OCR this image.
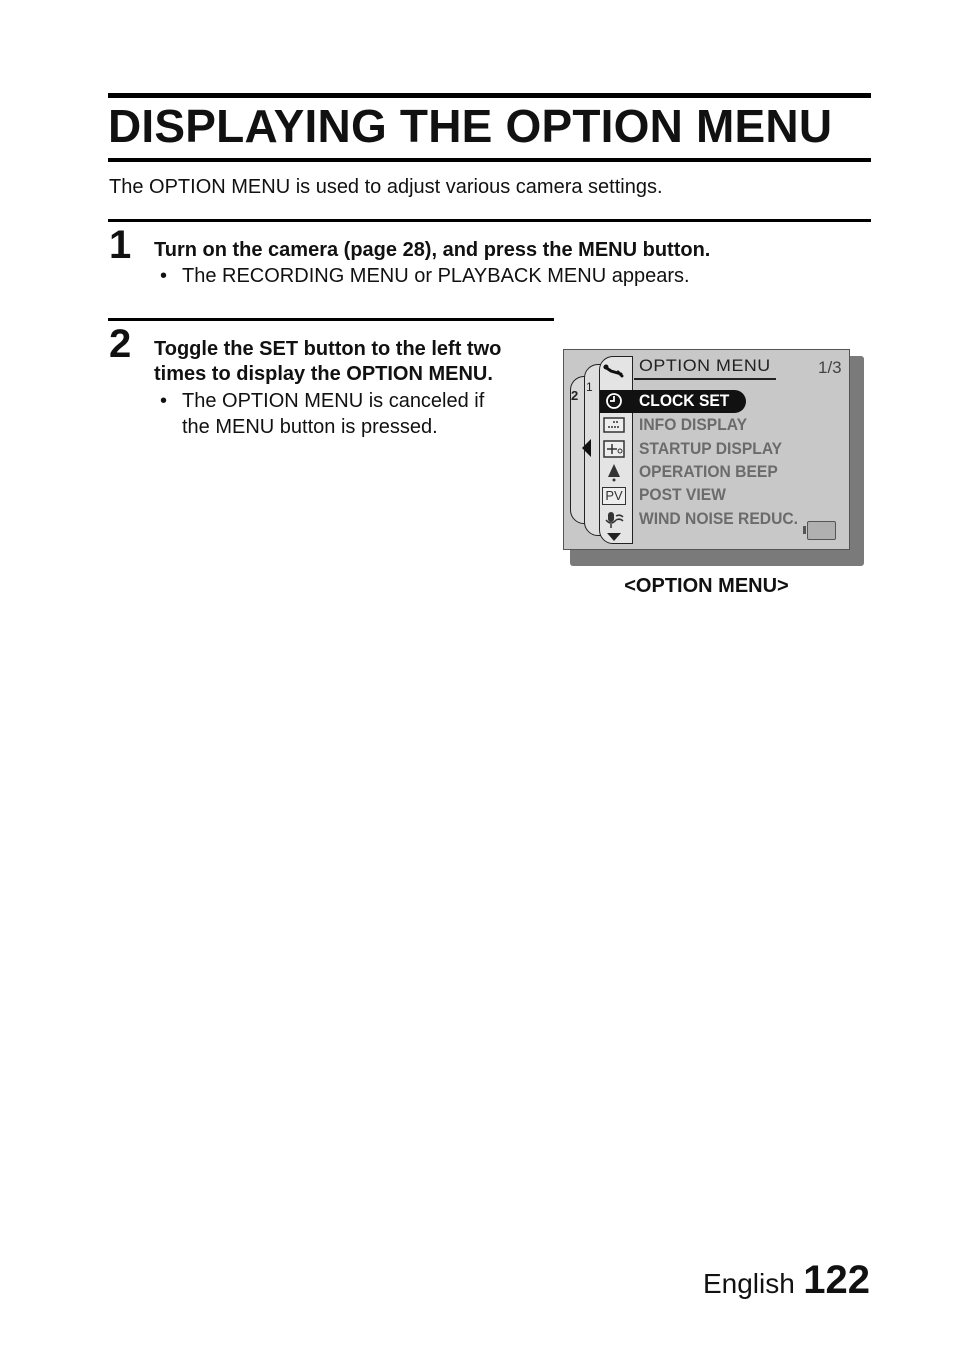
DISPLAYING THE OPTION MENU
The OPTION MENU is used to adjust various camera settings.
1 Turn on the camera (page 28), and press the MENU button.
• The RECORDING MENU or PLAYBACK MENU appears.
2 Toggle the SET button to the left two
times to display the OPTION MENU.
• The OPTION MENU is canceled if
the MENU button is pressed.
2
1
PV
OPTION MENU	1/3
CLOCK SET
INFO DISPLAY
STARTUP DISPLAY
OPERATION BEEP
POST VIEW
WIND NOISE REDUC.
<OPTION MENU>
English 122
